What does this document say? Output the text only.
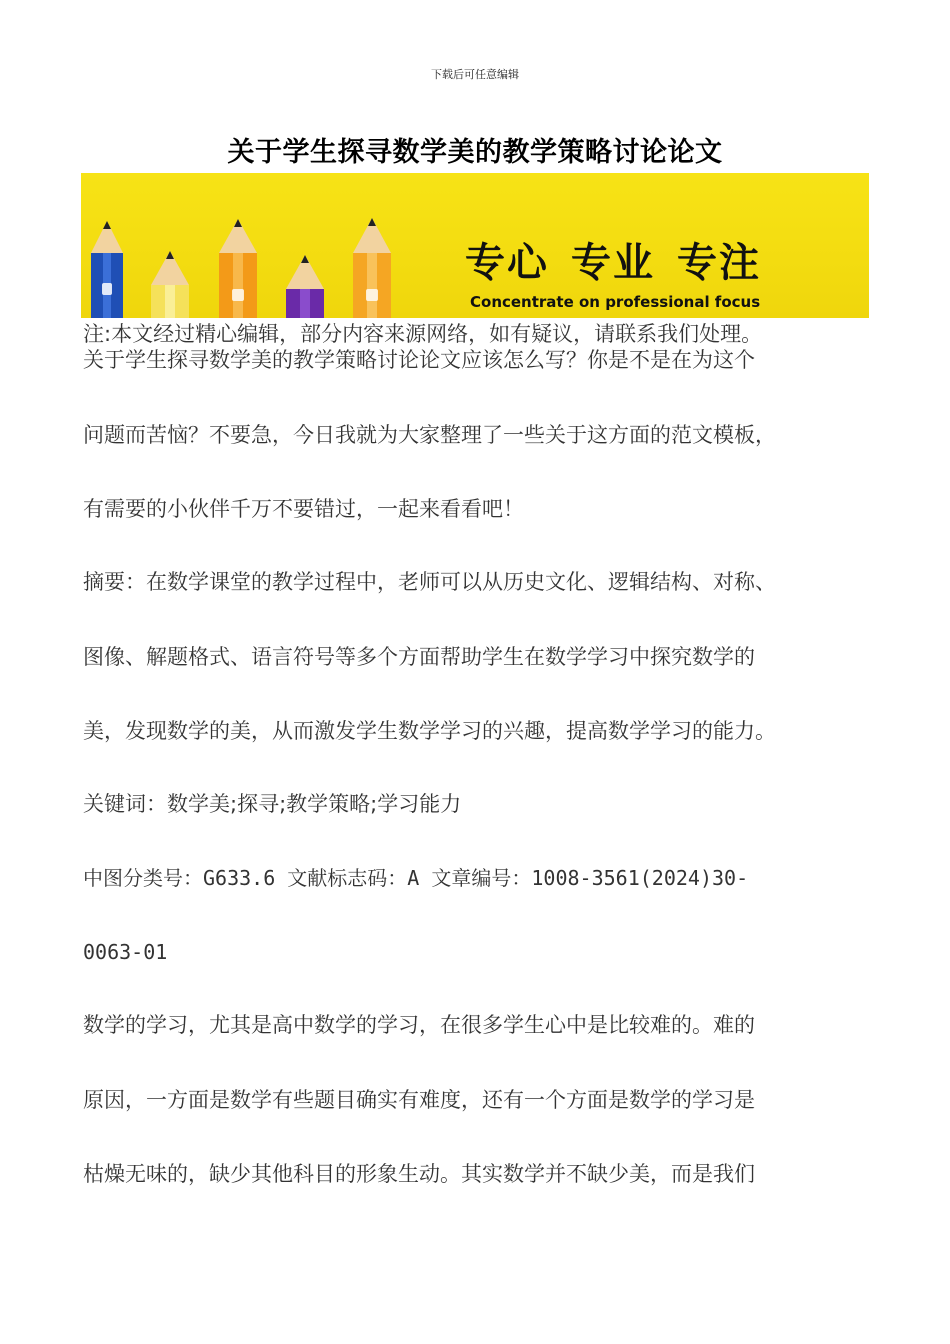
下载后可任意编辑
关于学生探寻数学美的教学策略讨论论文
专心 专业 专注
Concentrate on professional focus
注:本文经过精心编辑，部分内容来源网络，如有疑议，请联系我们处理。
关于学生探寻数学美的教学策略讨论论文应该怎么写？你是不是在为这个
问题而苦恼？不要急，今日我就为大家整理了一些关于这方面的范文模板，
有需要的小伙伴千万不要错过，一起来看看吧！
摘要：在数学课堂的教学过程中，老师可以从历史文化、逻辑结构、对称、
图像、解题格式、语言符号等多个方面帮助学生在数学学习中探究数学的
美，发现数学的美，从而激发学生数学学习的兴趣，提高数学学习的能力。
关键词：数学美;探寻;教学策略;学习能力
中图分类号：G633.6 文献标志码：A 文章编号：1008-3561(2024)30-
0063-01
数学的学习，尤其是高中数学的学习，在很多学生心中是比较难的。难的
原因，一方面是数学有些题目确实有难度，还有一个方面是数学的学习是
枯燥无味的，缺少其他科目的形象生动。其实数学并不缺少美，而是我们
